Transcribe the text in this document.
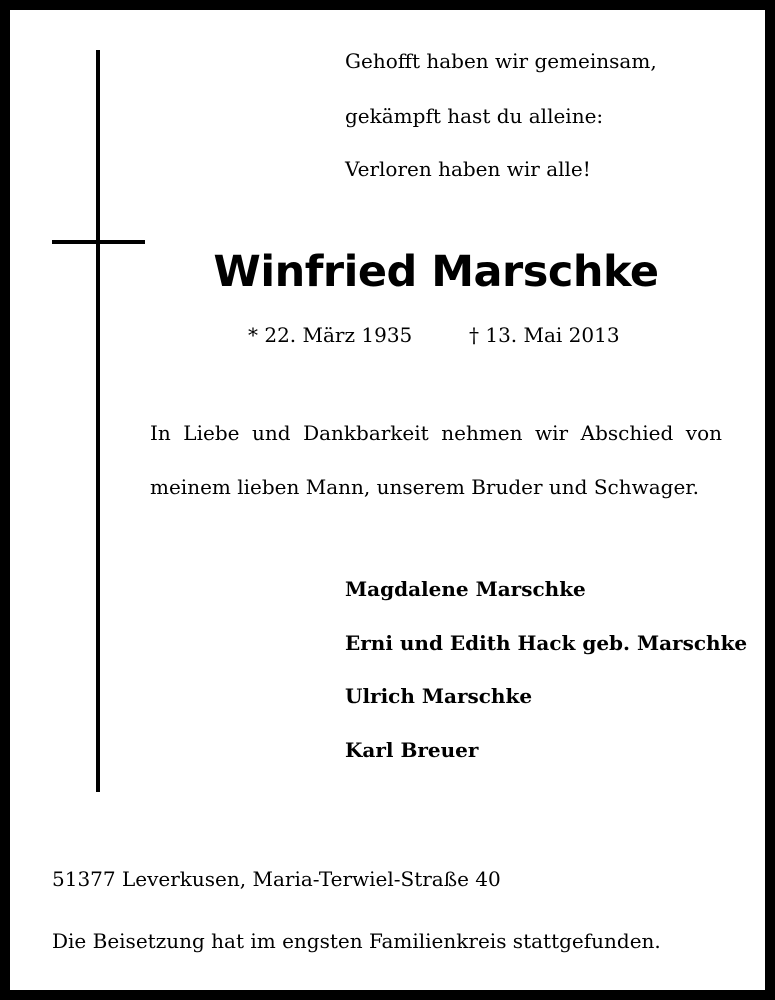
Gehofft haben wir gemeinsam,
gekämpft hast du alleine:
Verloren haben wir alle!
Winfried Marschke
* 22. März 1935	† 13. Mai 2013
In Liebe und Dankbarkeit nehmen wir Abschied von
meinem lieben Mann, unserem Bruder und Schwager.
Magdalene Marschke
Erni und Edith Hack geb. Marschke
Ulrich Marschke
Karl Breuer
51377 Leverkusen, Maria-Terwiel-Straße 40
Die Beisetzung hat im engsten Familienkreis stattgefunden.
